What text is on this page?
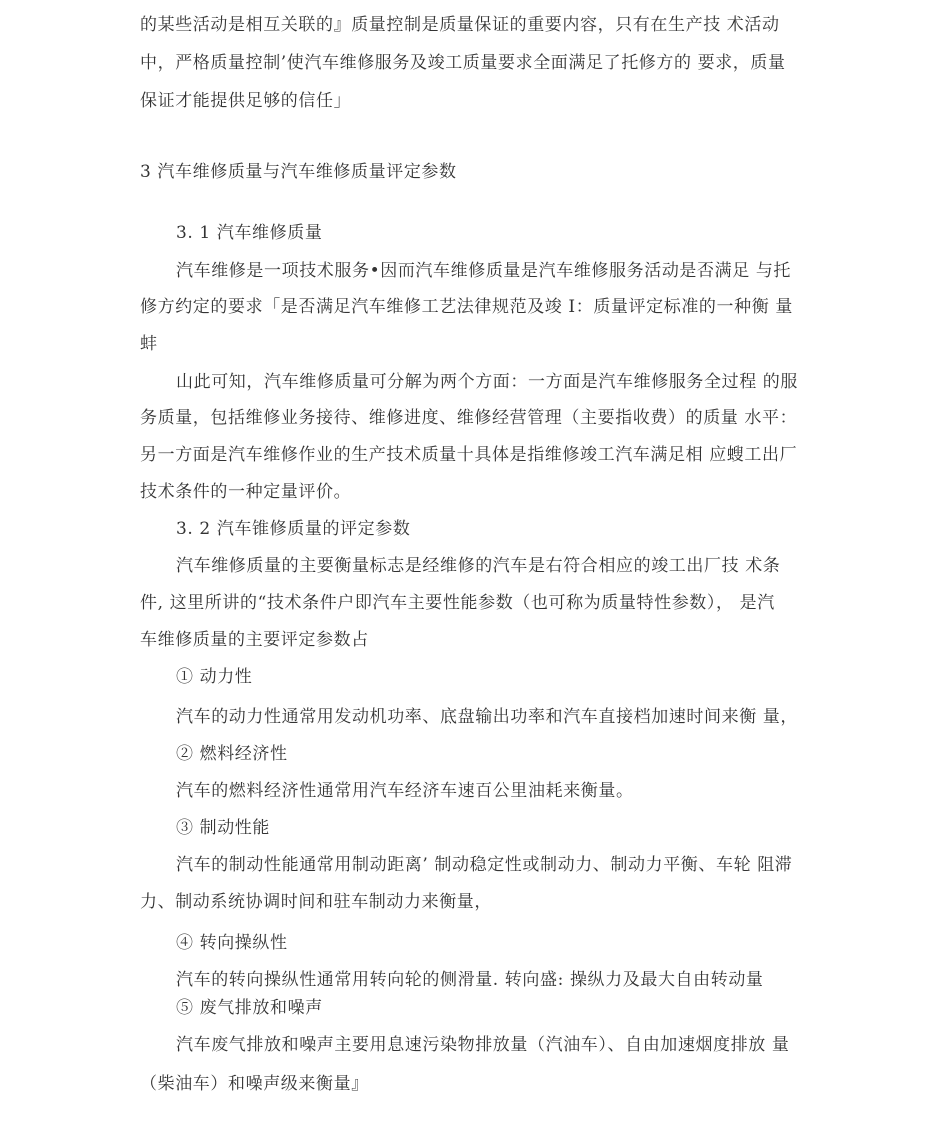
的某些活动是相互关联的』质量控制是质量保证的重要内容，只有在生产技 术活动
中，严格质量控制’使汽车维修服务及竣工质量要求全面满足了托修方的 要求，质量
保证才能提供足够的信任」
3 汽车维修质量与汽车维修质量评定参数
3. 1 汽车维修质量
汽车维修是一项技术服务•因而汽车维修质量是汽车维修服务活动是否满足 与托
修方约定的要求「是否满足汽车维修工艺法律规范及竣 I：质量评定标准的一种衡 量
蚌
山此可知，汽车维修质量可分解为两个方面：一方面是汽车维修服务全过程 的服
务质量，包括维修业务接待、维修进度、维修经营管理（主要指收费）的质量 水平：
另一方面是汽车维修作业的生产技术质量十具体是指维修竣工汽车满足相 应螋工出厂
技术条件的一种定量评价。
3. 2 汽车锥修质量的评定参数
汽车维修质量的主要衡量标志是经维修的汽车是右符合相应的竣工出厂技 术条
件, 这里所讲的“技术条件户即汽车主要性能参数（也可称为质量特性参数）， 是汽
车维修质量的主要评定参数占
① 动力性
汽车的动力性通常用发动机功率、底盘输出功率和汽车直接档加速时间来衡 量，
② 燃料经济性
汽车的燃料经济性通常用汽车经济车速百公里油耗来衡量。
③ 制动性能
汽车的制动性能通常用制动距离’ 制动稳定性或制动力、制动力平衡、车轮 阻滞
力、制动系统协调时间和驻车制动力来衡量，
④ 转向操纵性
汽车的转向操纵性通常用转向轮的侧滑量. 转向盛: 操纵力及最大自由转动量
⑤ 废气排放和噪声
汽车废气排放和噪声主要用息速污染物排放量（汽油车）、自由加速烟度排放 量
（柴油车）和噪声级来衡量』
